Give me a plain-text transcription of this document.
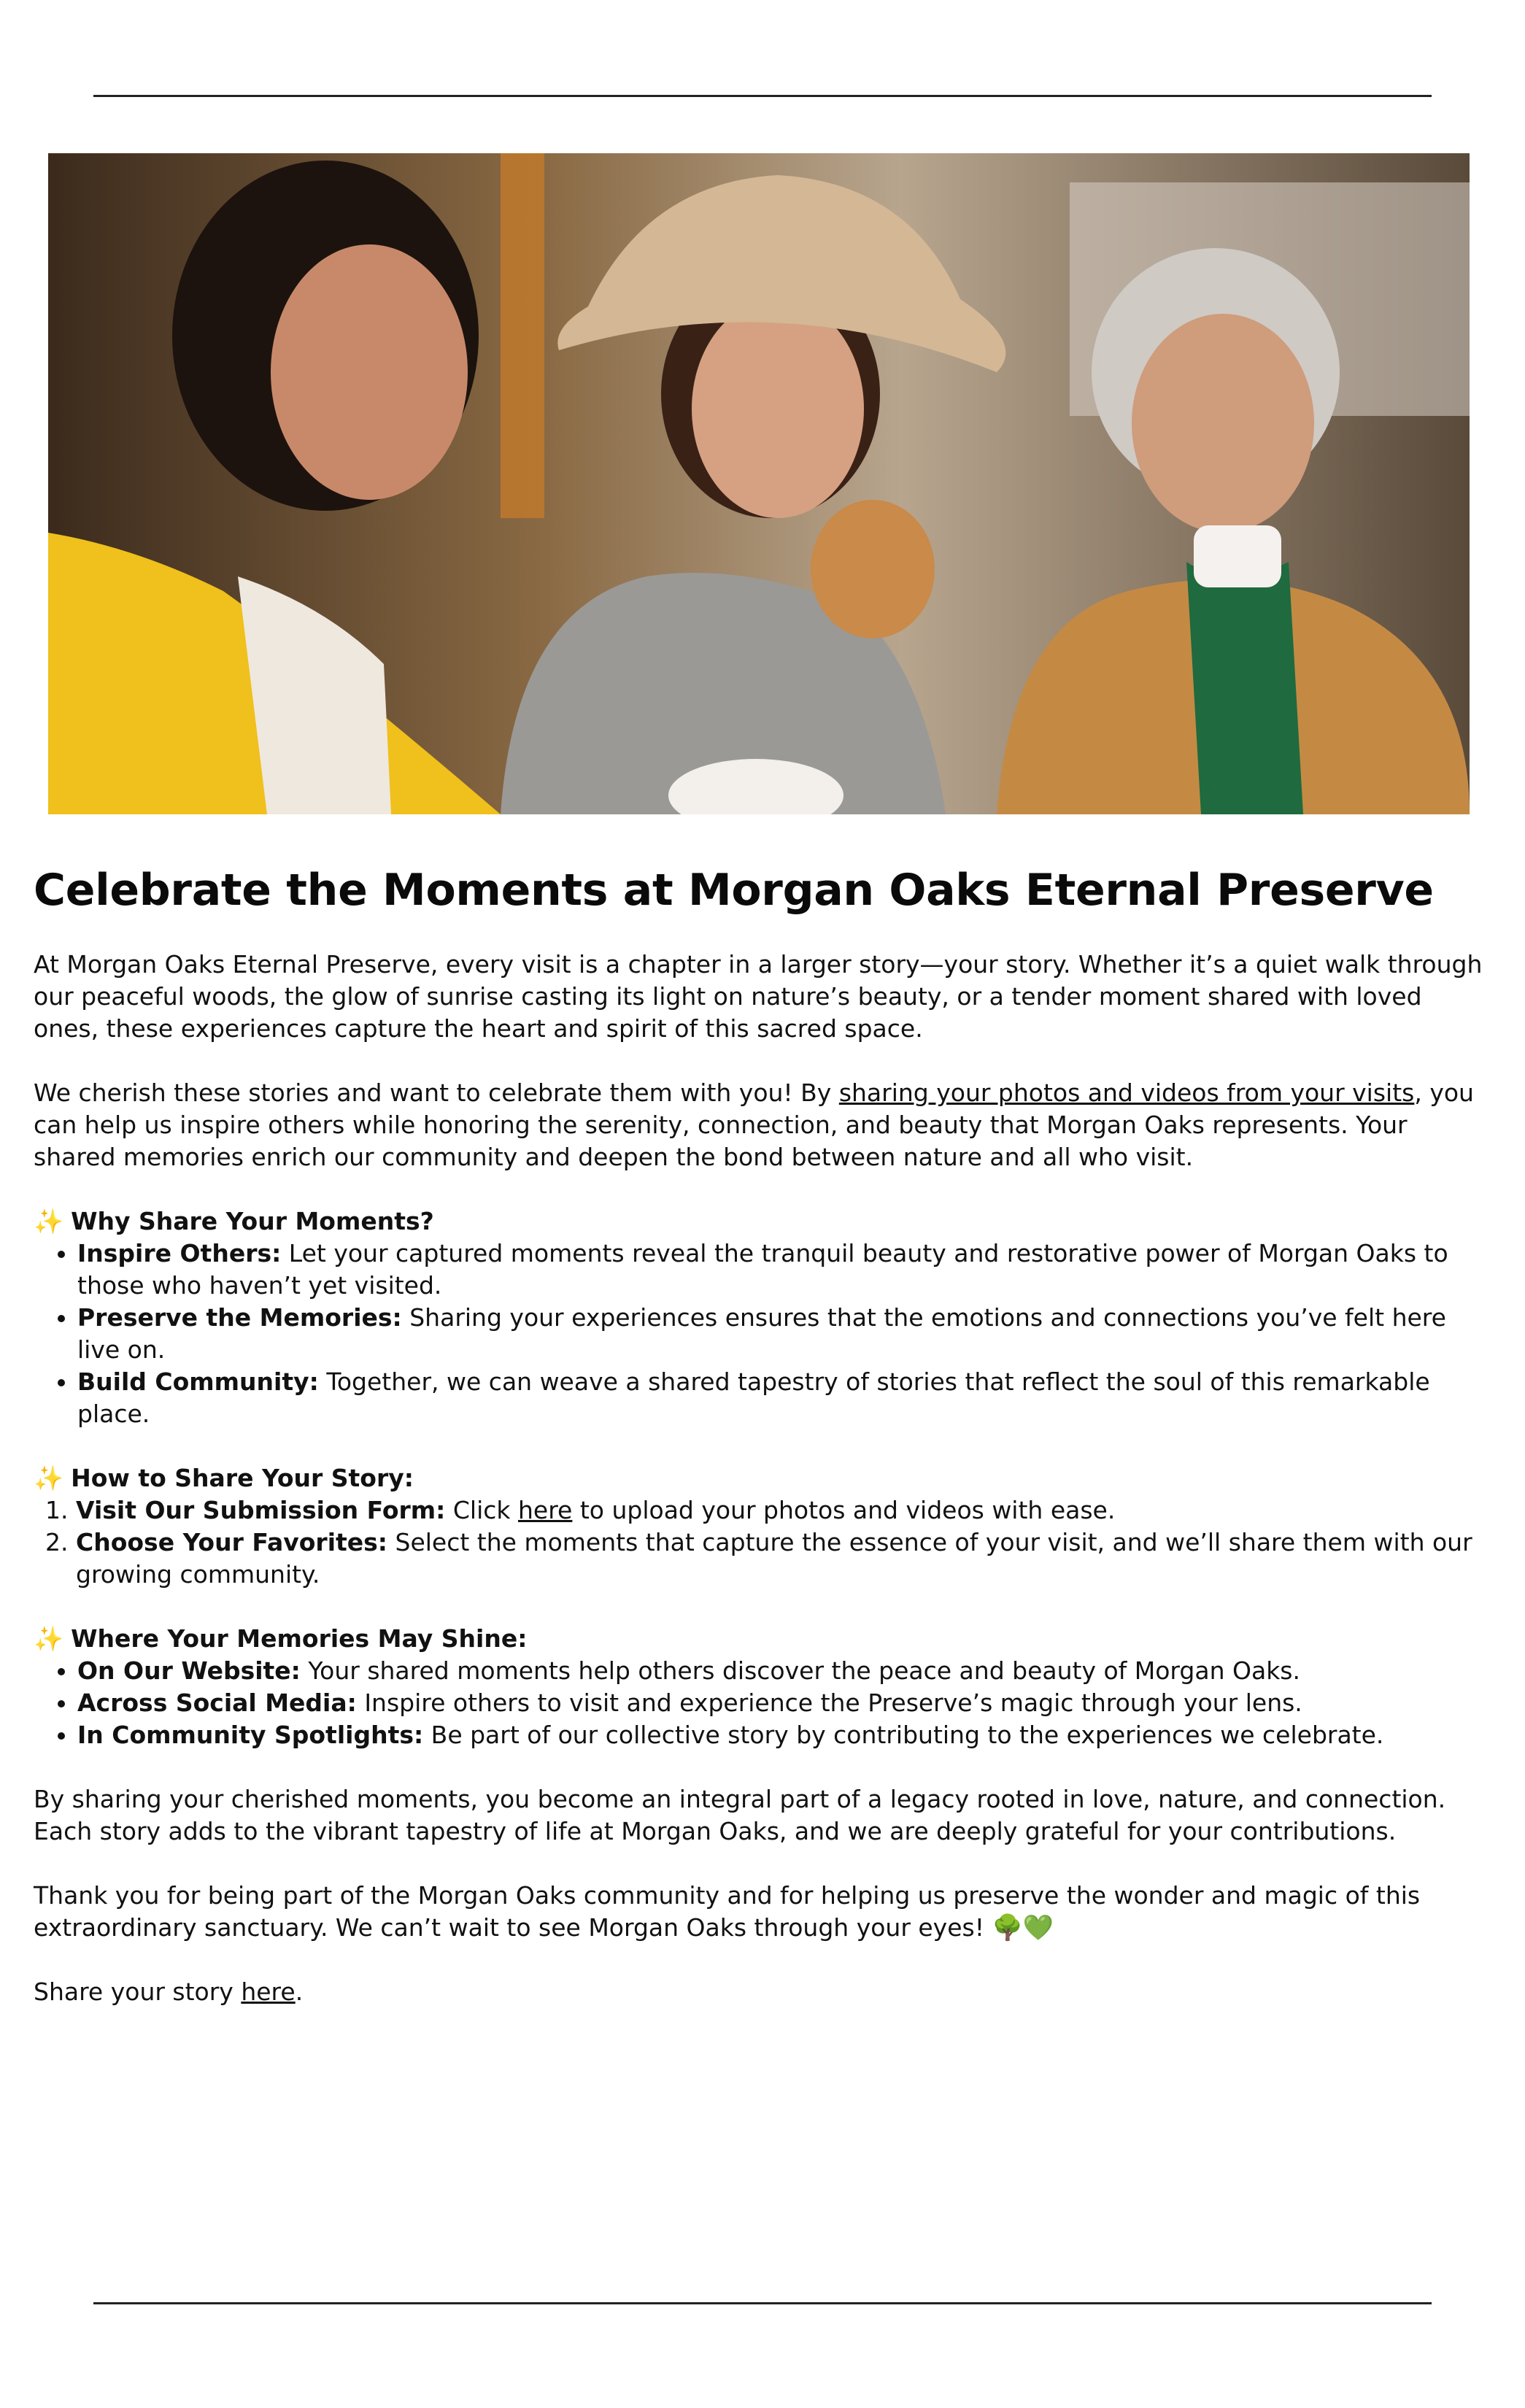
Celebrate the Moments at Morgan Oaks Eternal Preserve

At Morgan Oaks Eternal Preserve, every visit is a chapter in a larger story—your story. Whether it’s a quiet walk through our peaceful woods, the glow of sunrise casting its light on nature’s beauty, or a tender moment shared with loved ones, these experiences capture the heart and spirit of this sacred space.

We cherish these stories and want to celebrate them with you! By sharing your photos and videos from your visits, you can help us inspire others while honoring the serenity, connection, and beauty that Morgan Oaks represents. Your shared memories enrich our community and deepen the bond between nature and all who visit.

✨ Why Share Your Moments?
• Inspire Others: Let your captured moments reveal the tranquil beauty and restorative power of Morgan Oaks to those who haven’t yet visited.
• Preserve the Memories: Sharing your experiences ensures that the emotions and connections you’ve felt here live on.
• Build Community: Together, we can weave a shared tapestry of stories that reflect the soul of this remarkable place.
✨ How to Share Your Story:
1. Visit Our Submission Form: Click here to upload your photos and videos with ease.
2. Choose Your Favorites: Select the moments that capture the essence of your visit, and we’ll share them with our growing community.
✨ Where Your Memories May Shine:
• On Our Website: Your shared moments help others discover the peace and beauty of Morgan Oaks.
• Across Social Media: Inspire others to visit and experience the Preserve’s magic through your lens.
• In Community Spotlights: Be part of our collective story by contributing to the experiences we celebrate.

By sharing your cherished moments, you become an integral part of a legacy rooted in love, nature, and connection. Each story adds to the vibrant tapestry of life at Morgan Oaks, and we are deeply grateful for your contributions.

Thank you for being part of the Morgan Oaks community and for helping us preserve the wonder and magic of this extraordinary sanctuary. We can’t wait to see Morgan Oaks through your eyes! 🌳💚

Share your story here.
